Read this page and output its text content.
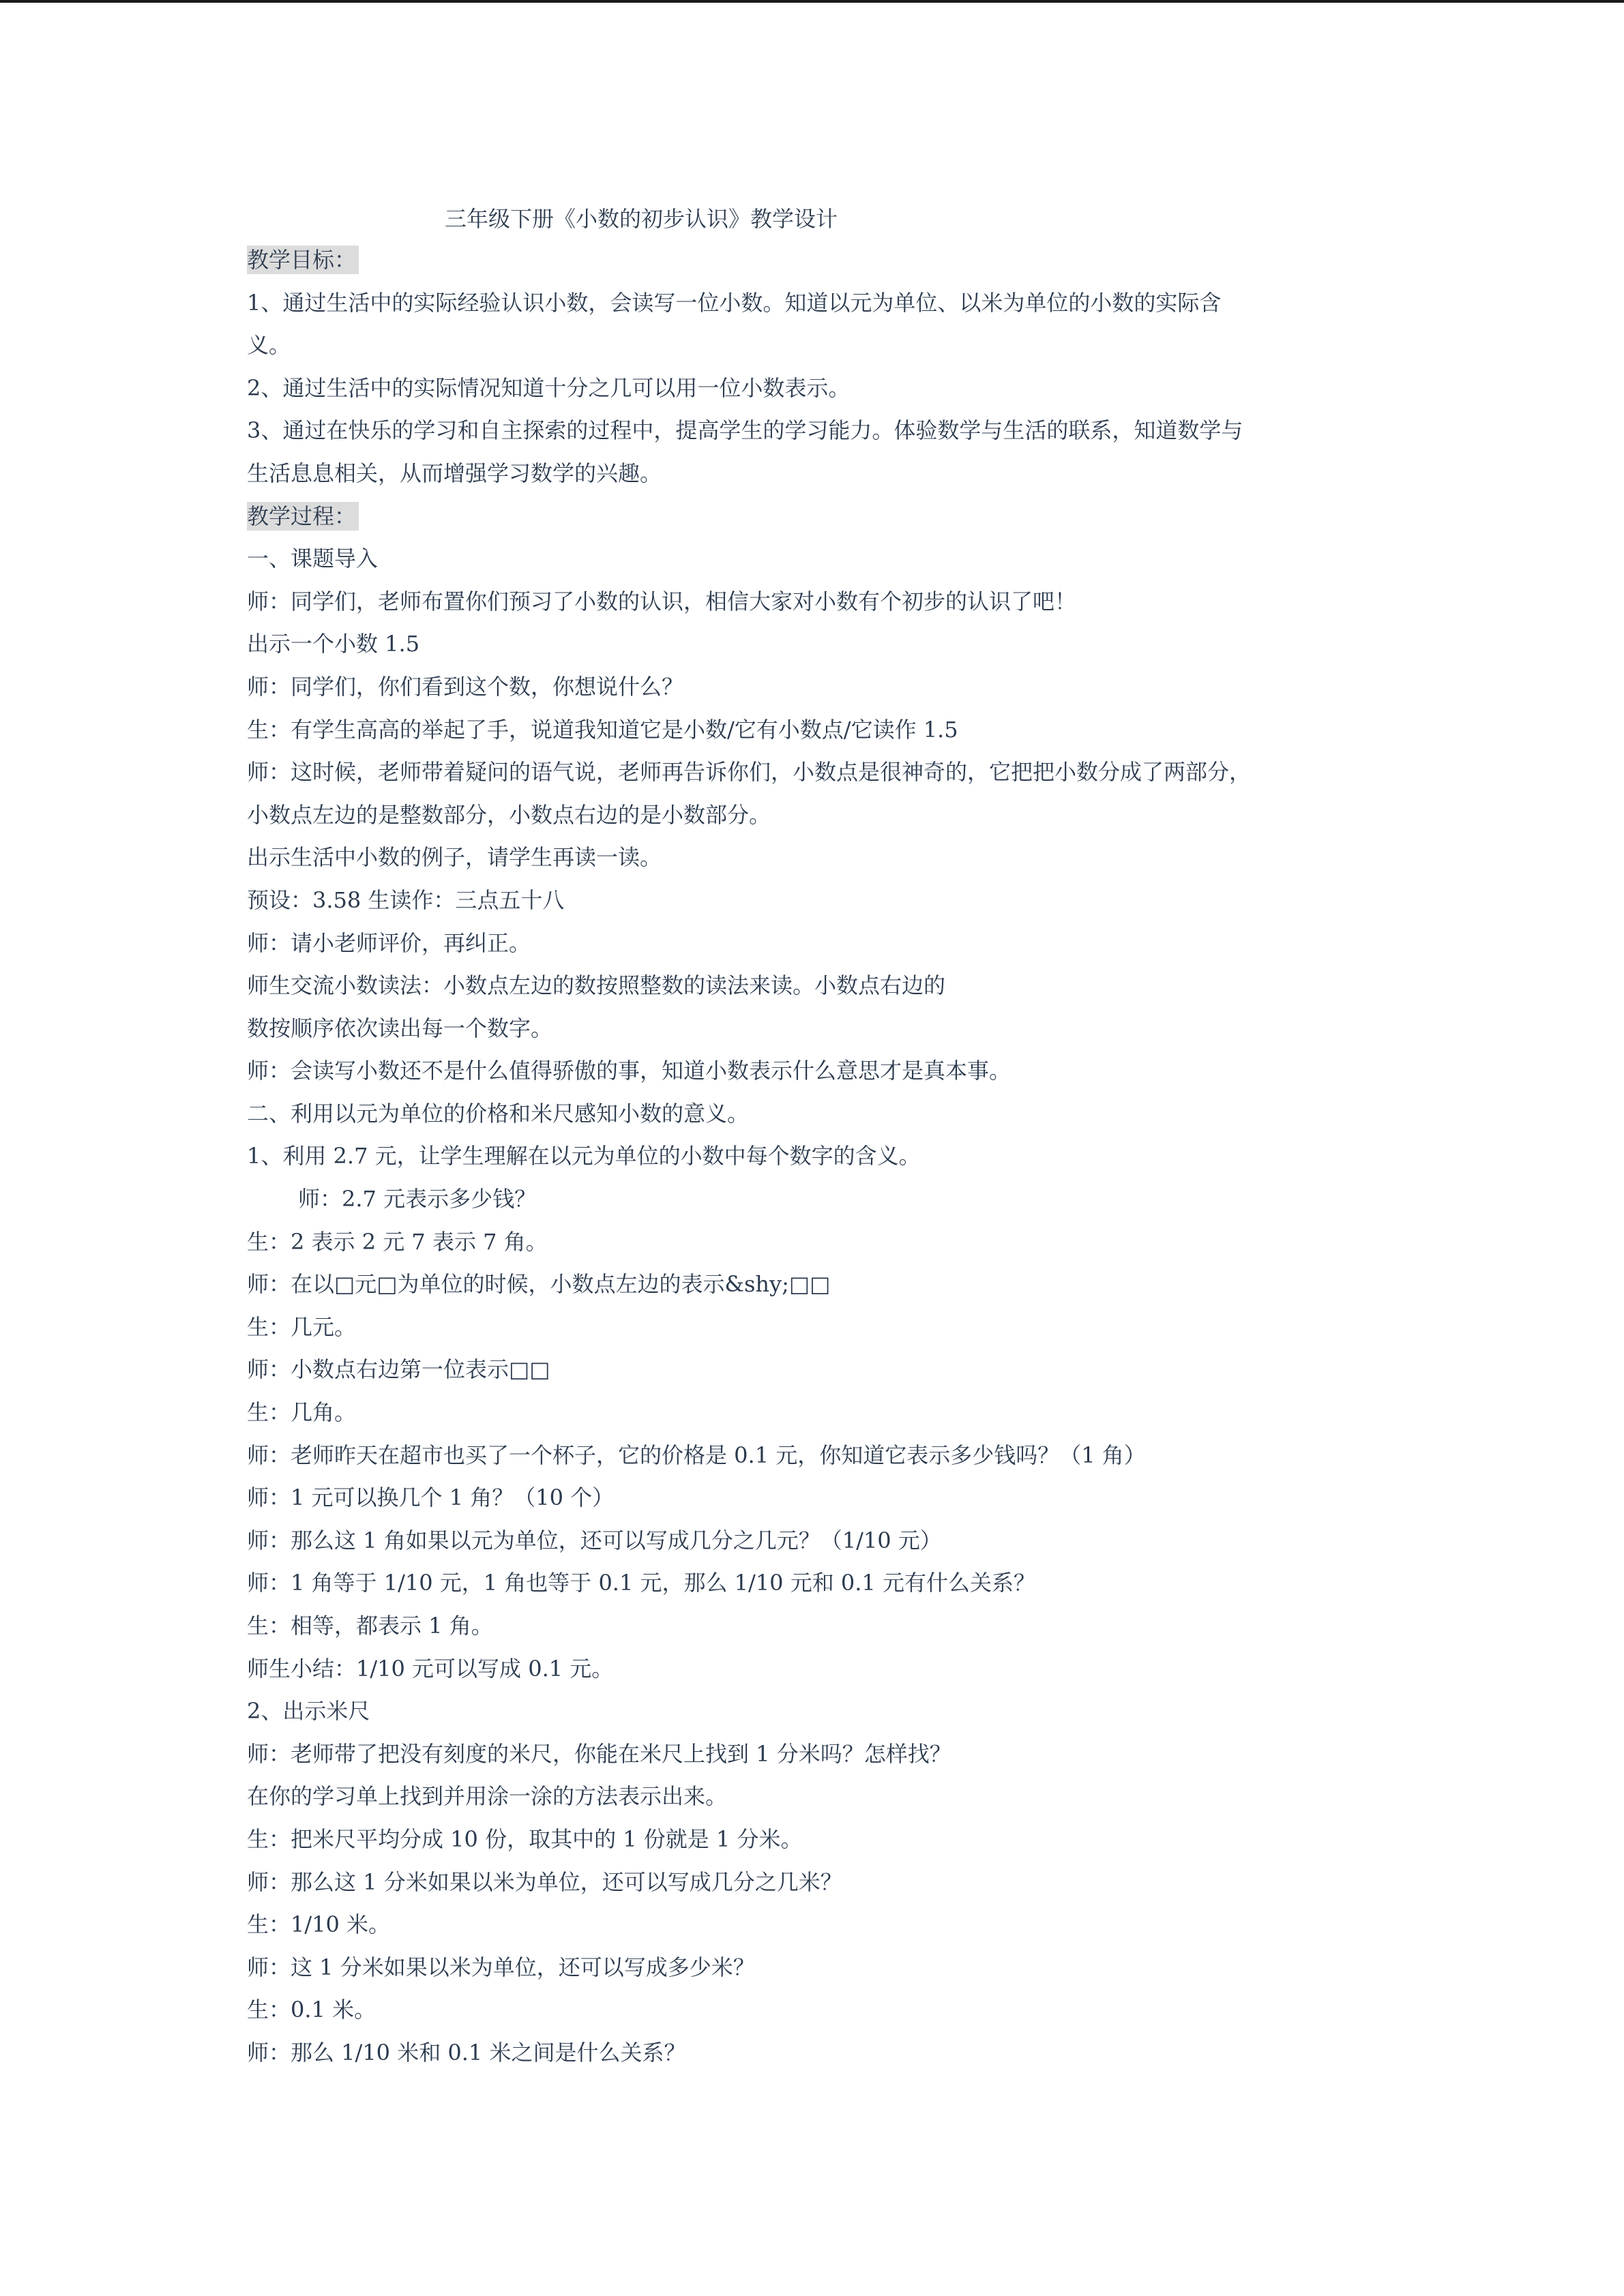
三年级下册《小数的初步认识》教学设计
教学目标：
1、通过生活中的实际经验认识小数，会读写一位小数。知道以元为单位、以米为单位的小数的实际含
义。
2、通过生活中的实际情况知道十分之几可以用一位小数表示。
3、通过在快乐的学习和自主探索的过程中，提高学生的学习能力。体验数学与生活的联系，知道数学与
生活息息相关，从而增强学习数学的兴趣。
教学过程：
一、课题导入
师：同学们，老师布置你们预习了小数的认识，相信大家对小数有个初步的认识了吧！
出示一个小数 1.5
师：同学们，你们看到这个数，你想说什么？
生：有学生高高的举起了手，说道我知道它是小数/它有小数点/它读作 1.5
师：这时候，老师带着疑问的语气说，老师再告诉你们，小数点是很神奇的，它把把小数分成了两部分，
小数点左边的是整数部分，小数点右边的是小数部分。
出示生活中小数的例子，请学生再读一读。
预设：3.58 生读作：三点五十八
师：请小老师评价，再纠正。
师生交流小数读法：小数点左边的数按照整数的读法来读。小数点右边的
数按顺序依次读出每一个数字。
师：会读写小数还不是什么值得骄傲的事，知道小数表示什么意思才是真本事。
二、利用以元为单位的价格和米尺感知小数的意义。
1、利用 2.7 元，让学生理解在以元为单位的小数中每个数字的含义。
师：2.7 元表示多少钱？
生：2 表示 2 元 7 表示 7 角。
师：在以□元□为单位的时候，小数点左边的表示&shy;□□
生：几元。
师：小数点右边第一位表示□□
生：几角。
师：老师昨天在超市也买了一个杯子，它的价格是 0.1 元，你知道它表示多少钱吗？（1 角）
师：1 元可以换几个 1 角？（10 个）
师：那么这 1 角如果以元为单位，还可以写成几分之几元？（1/10 元）
师：1 角等于 1/10 元，1 角也等于 0.1 元，那么 1/10 元和 0.1 元有什么关系？
生：相等，都表示 1 角。
师生小结：1/10 元可以写成 0.1 元。
2、出示米尺
师：老师带了把没有刻度的米尺，你能在米尺上找到 1 分米吗？怎样找？
在你的学习单上找到并用涂一涂的方法表示出来。
生：把米尺平均分成 10 份，取其中的 1 份就是 1 分米。
师：那么这 1 分米如果以米为单位，还可以写成几分之几米？
生：1/10 米。
师：这 1 分米如果以米为单位，还可以写成多少米？
生：0.1 米。
师：那么 1/10 米和 0.1 米之间是什么关系？
